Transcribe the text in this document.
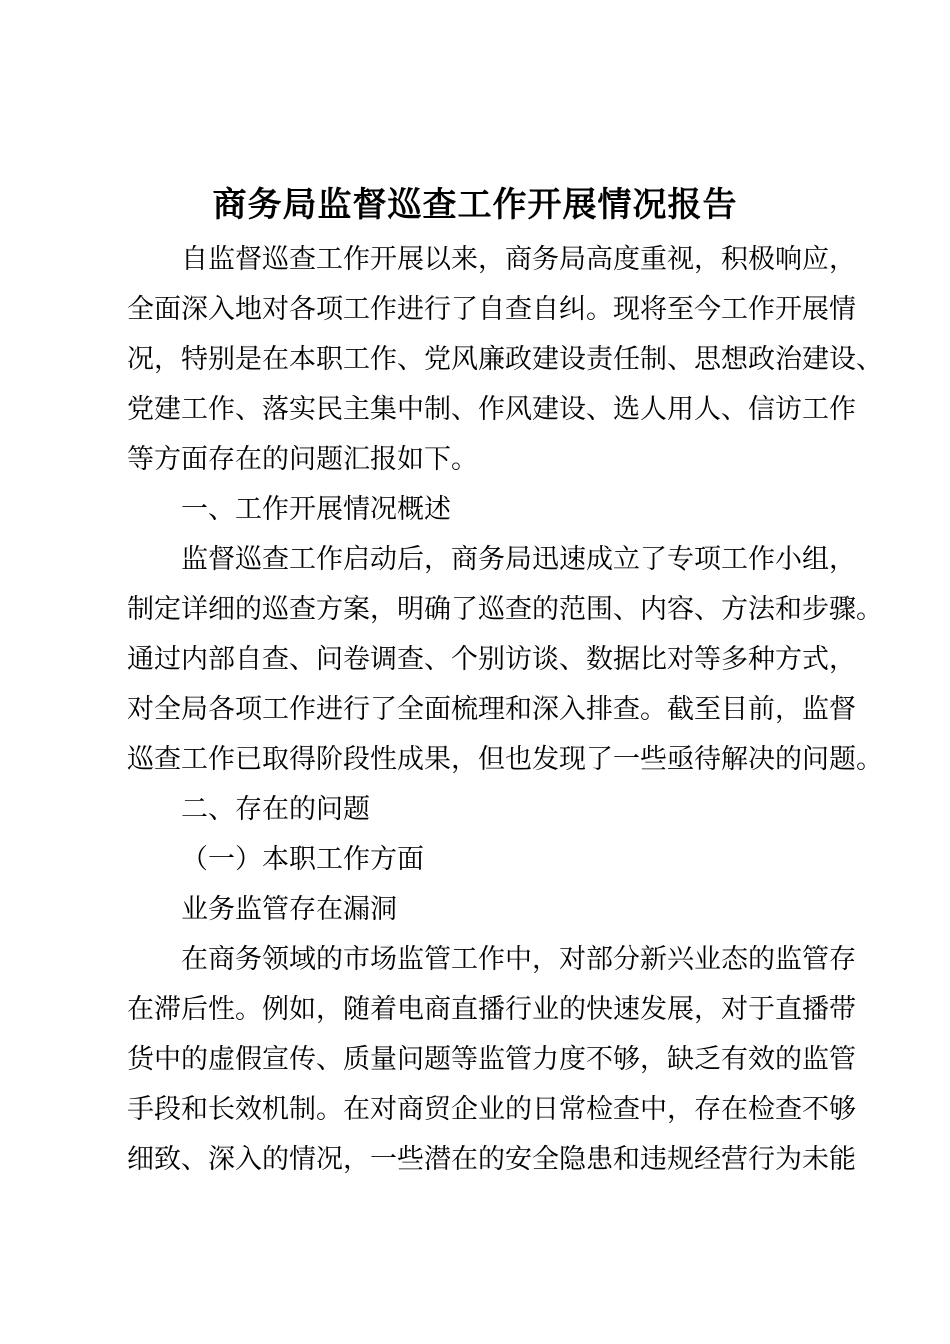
商务局监督巡查工作开展情况报告
自监督巡查工作开展以来，商务局高度重视，积极响应，
全面深入地对各项工作进行了自查自纠。现将至今工作开展情
况，特别是在本职工作、党风廉政建设责任制、思想政治建设、
党建工作、落实民主集中制、作风建设、选人用人、信访工作
等方面存在的问题汇报如下。
一、工作开展情况概述
监督巡查工作启动后，商务局迅速成立了专项工作小组，
制定详细的巡查方案，明确了巡查的范围、内容、方法和步骤。
通过内部自查、问卷调查、个别访谈、数据比对等多种方式，
对全局各项工作进行了全面梳理和深入排查。截至目前，监督
巡查工作已取得阶段性成果，但也发现了一些亟待解决的问题。
二、存在的问题
（一）本职工作方面
业务监管存在漏洞
在商务领域的市场监管工作中，对部分新兴业态的监管存
在滞后性。例如，随着电商直播行业的快速发展，对于直播带
货中的虚假宣传、质量问题等监管力度不够，缺乏有效的监管
手段和长效机制。在对商贸企业的日常检查中，存在检查不够
细致、深入的情况，一些潜在的安全隐患和违规经营行为未能
